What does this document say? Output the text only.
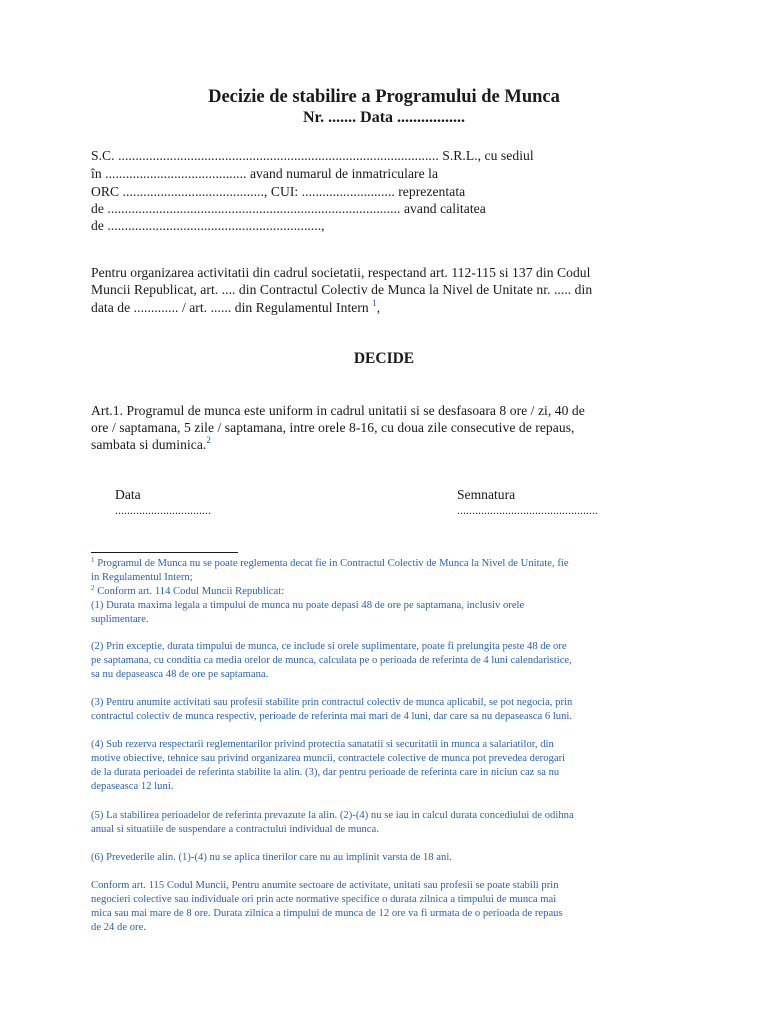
Decizie de stabilire a Programului de Munca
Nr. ....... Data .................
S.C. ............................................................................................. S.R.L., cu sediul
în ......................................... avand numarul de inmatriculare la
ORC ........................................., CUI: ........................... reprezentata
de ..................................................................................... avand calitatea
de ..............................................................,
Pentru organizarea activitatii din cadrul societatii, respectand art. 112-115 si 137 din Codul
Muncii Republicat, art. .... din Contractul Colectiv de Munca la Nivel de Unitate nr. ..... din
data de ............. / art. ...... din Regulamentul Intern $^1$,
DECIDE
Art.1. Programul de munca este uniform in cadrul unitatii si se desfasoara 8 ore / zi, 40 de
ore / saptamana, 5 zile / saptamana, intre orele 8-16, cu doua zile consecutive de repaus,
sambata si duminica.$^2$
Data
................................
Semnatura
...............................................
$^1$ Programul de Munca nu se poate reglementa decat fie in Contractul Colectiv de Munca la Nivel de Unitate, fie
in Regulamentul Intern;
$^2$ Conform art. 114 Codul Muncii Republicat:
(1) Durata maxima legala a timpului de munca nu poate depasi 48 de ore pe saptamana, inclusiv orele
suplimentare.
(2) Prin exceptie, durata timpului de munca, ce include si orele suplimentare, poate fi prelungita peste 48 de ore
pe saptamana, cu conditia ca media orelor de munca, calculata pe o perioada de referinta de 4 luni calendaristice,
sa nu depaseasca 48 de ore pe saptamana.
(3) Pentru anumite activitati sau profesii stabilite prin contractul colectiv de munca aplicabil, se pot negocia, prin
contractul colectiv de munca respectiv, perioade de referinta mai mari de 4 luni, dar care sa nu depaseasca 6 luni.
(4) Sub rezerva respectarii reglementarilor privind protectia sanatatii si securitatii in munca a salariatilor, din
motive obiective, tehnice sau privind organizarea muncii, contractele colective de munca pot prevedea derogari
de la durata perioadei de referinta stabilite la alin. (3), dar pentru perioade de referinta care in niciun caz sa nu
depaseasca 12 luni.
(5) La stabilirea perioadelor de referinta prevazute la alin. (2)-(4) nu se iau in calcul durata concediului de odihna
anual si situatiile de suspendare a contractului individual de munca.
(6) Prevederile alin. (1)-(4) nu se aplica tinerilor care nu au implinit varsta de 18 ani.
Conform art. 115 Codul Muncii, Pentru anumite sectoare de activitate, unitati sau profesii se poate stabili prin
negocieri colective sau individuale ori prin acte normative specifice o durata zilnica a timpului de munca mai
mica sau mai mare de 8 ore. Durata zilnica a timpului de munca de 12 ore va fi urmata de o perioada de repaus
de 24 de ore.
